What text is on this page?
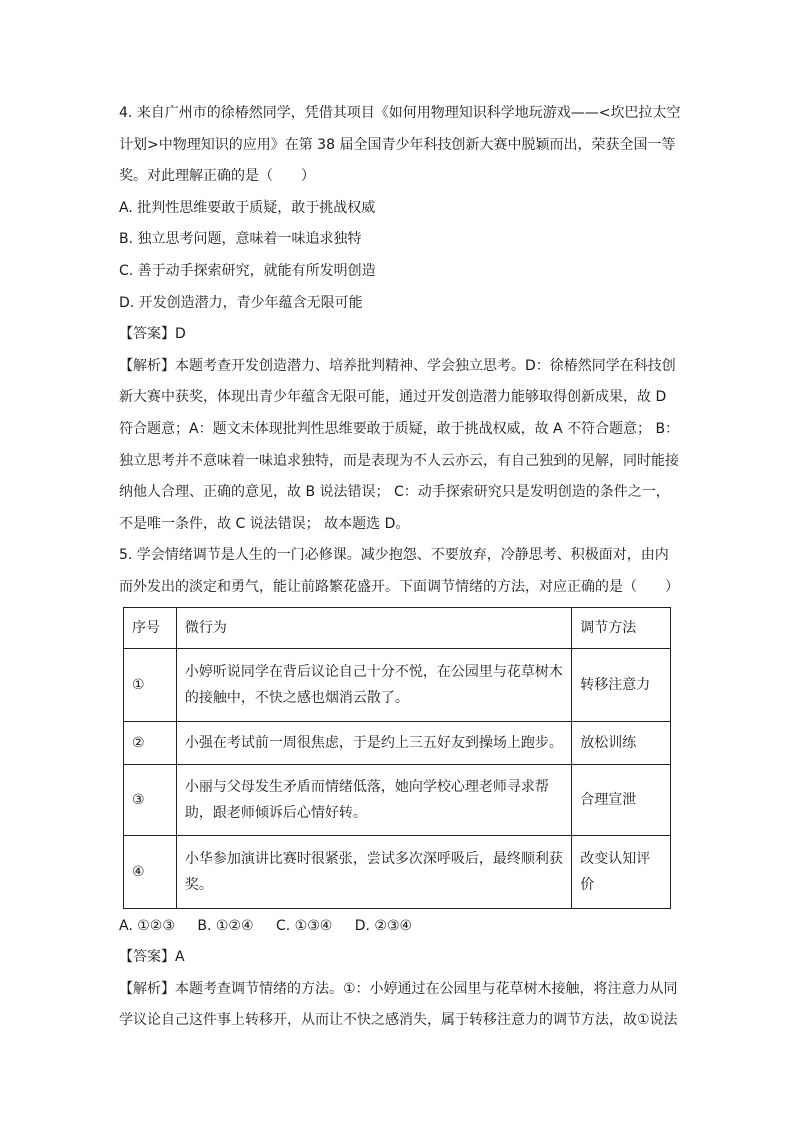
4. 来自广州市的徐椿然同学，凭借其项目《如何用物理知识科学地玩游戏——<坎巴拉太空

计划>中物理知识的应用》在第 38 届全国青少年科技创新大赛中脱颖而出，荣获全国一等

奖。对此理解正确的是（　　）

A. 批判性思维要敢于质疑，敢于挑战权威

B. 独立思考问题，意味着一味追求独特

C. 善于动手探索研究，就能有所发明创造

D. 开发创造潜力，青少年蕴含无限可能

【答案】D

【解析】本题考查开发创造潜力、培养批判精神、学会独立思考。D：徐椿然同学在科技创

新大赛中获奖，体现出青少年蕴含无限可能，通过开发创造潜力能够取得创新成果，故 D

符合题意；A：题文未体现批判性思维要敢于质疑，敢于挑战权威，故 A 不符合题意； B：

独立思考并不意味着一味追求独特，而是表现为不人云亦云，有自己独到的见解，同时能接

纳他人合理、正确的意见，故 B 说法错误； C：动手探索研究只是发明创造的条件之一，

不是唯一条件，故 C 说法错误； 故本题选 D。

5. 学会情绪调节是人生的一门必修课。减少抱怨、不要放弃，冷静思考、积极面对，由内

而外发出的淡定和勇气，能让前路繁花盛开。下面调节情绪的方法，对应正确的是（　　）

序号	微行为	调节方法
①	小婷听说同学在背后议论自己十分不悦，在公园里与花草树木的接触中，不快之感也烟消云散了。	转移注意力
②	小强在考试前一周很焦虑，于是约上三五好友到操场上跑步。	放松训练
③	小丽与父母发生矛盾而情绪低落，她向学校心理老师寻求帮助，跟老师倾诉后心情好转。	合理宣泄
④	小华参加演讲比赛时很紧张，尝试多次深呼吸后，最终顺利获奖。	改变认知评价

A. ①②③ B. ①②④ C. ①③④ D. ②③④

【答案】A

【解析】本题考查调节情绪的方法。①：小婷通过在公园里与花草树木接触，将注意力从同

学议论自己这件事上转移开，从而让不快之感消失，属于转移注意力的调节方法，故①说法
